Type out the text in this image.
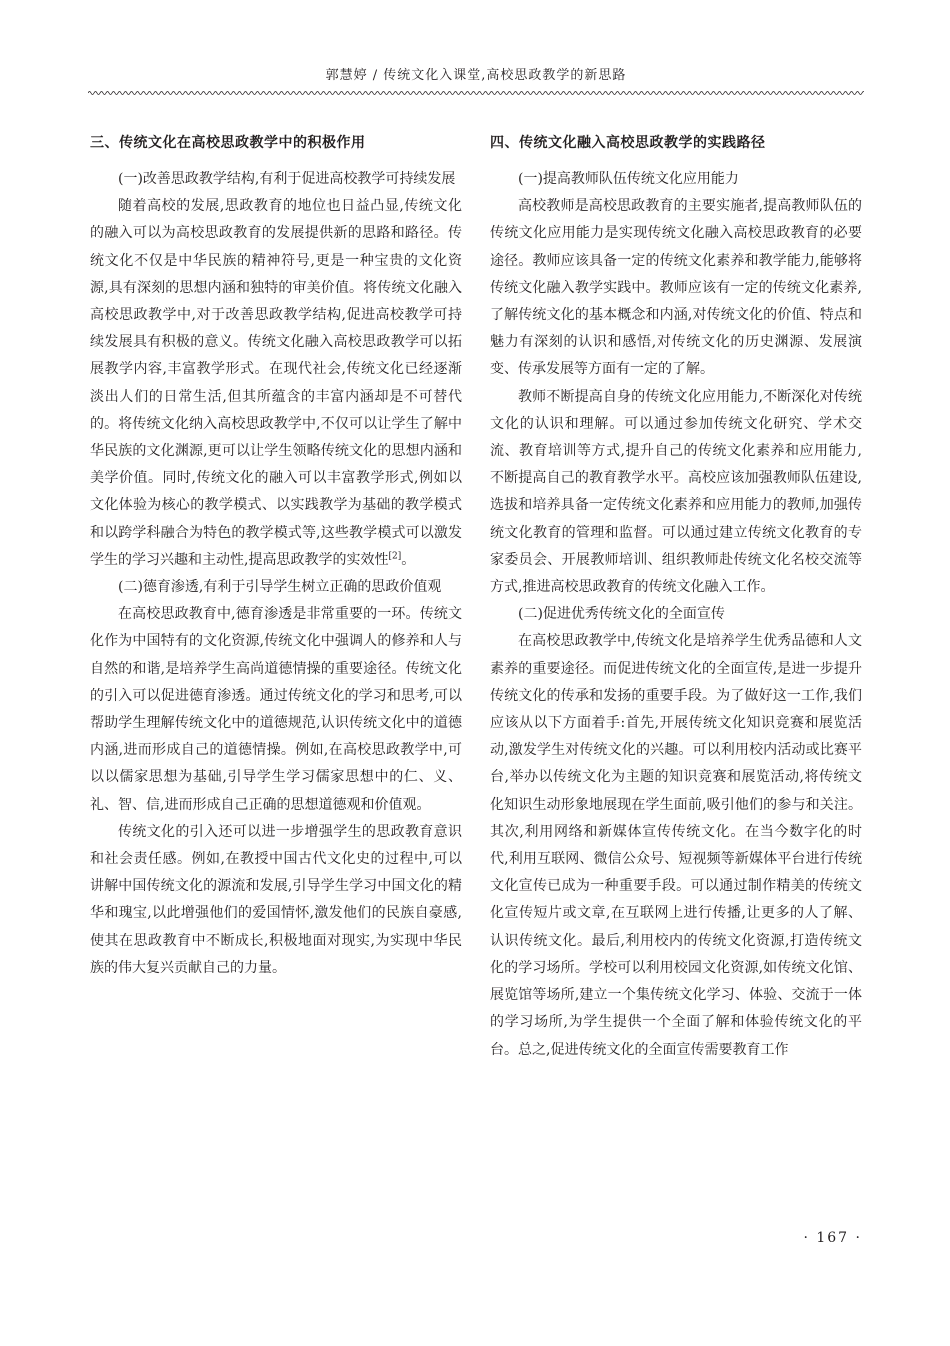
郭慧婷 / 传统文化入课堂,高校思政教学的新思路
三、传统文化在高校思政教学中的积极作用

(一)改善思政教学结构,有利于促进高校教学可持续发展

随着高校的发展,思政教育的地位也日益凸显,传统文化的融入可以为高校思政教育的发展提供新的思路和路径。传统文化不仅是中华民族的精神符号,更是一种宝贵的文化资源,具有深刻的思想内涵和独特的审美价值。将传统文化融入高校思政教学中,对于改善思政教学结构,促进高校教学可持续发展具有积极的意义。传统文化融入高校思政教学可以拓展教学内容,丰富教学形式。在现代社会,传统文化已经逐渐淡出人们的日常生活,但其所蕴含的丰富内涵却是不可替代的。将传统文化纳入高校思政教学中,不仅可以让学生了解中华民族的文化渊源,更可以让学生领略传统文化的思想内涵和美学价值。同时,传统文化的融入可以丰富教学形式,例如以文化体验为核心的教学模式、以实践教学为基础的教学模式和以跨学科融合为特色的教学模式等,这些教学模式可以激发学生的学习兴趣和主动性,提高思政教学的实效性[2]。

(二)德育渗透,有利于引导学生树立正确的思政价值观

在高校思政教育中,德育渗透是非常重要的一环。传统文化作为中国特有的文化资源,传统文化中强调人的修养和人与自然的和谐,是培养学生高尚道德情操的重要途径。传统文化的引入可以促进德育渗透。通过传统文化的学习和思考,可以帮助学生理解传统文化中的道德规范,认识传统文化中的道德内涵,进而形成自己的道德情操。例如,在高校思政教学中,可以以儒家思想为基础,引导学生学习儒家思想中的仁、义、礼、智、信,进而形成自己正确的思想道德观和价值观。

传统文化的引入还可以进一步增强学生的思政教育意识和社会责任感。例如,在教授中国古代文化史的过程中,可以讲解中国传统文化的源流和发展,引导学生学习中国文化的精华和瑰宝,以此增强他们的爱国情怀,激发他们的民族自豪感,使其在思政教育中不断成长,积极地面对现实,为实现中华民族的伟大复兴贡献自己的力量。

四、传统文化融入高校思政教学的实践路径

(一)提高教师队伍传统文化应用能力

高校教师是高校思政教育的主要实施者,提高教师队伍的传统文化应用能力是实现传统文化融入高校思政教育的必要途径。教师应该具备一定的传统文化素养和教学能力,能够将传统文化融入教学实践中。教师应该有一定的传统文化素养,了解传统文化的基本概念和内涵,对传统文化的价值、特点和魅力有深刻的认识和感悟,对传统文化的历史渊源、发展演变、传承发展等方面有一定的了解。

教师不断提高自身的传统文化应用能力,不断深化对传统文化的认识和理解。可以通过参加传统文化研究、学术交流、教育培训等方式,提升自己的传统文化素养和应用能力,不断提高自己的教育教学水平。高校应该加强教师队伍建设,选拔和培养具备一定传统文化素养和应用能力的教师,加强传统文化教育的管理和监督。可以通过建立传统文化教育的专家委员会、开展教师培训、组织教师赴传统文化名校交流等方式,推进高校思政教育的传统文化融入工作。

(二)促进优秀传统文化的全面宣传

在高校思政教学中,传统文化是培养学生优秀品德和人文素养的重要途径。而促进传统文化的全面宣传,是进一步提升传统文化的传承和发扬的重要手段。为了做好这一工作,我们应该从以下方面着手:首先,开展传统文化知识竞赛和展览活动,激发学生对传统文化的兴趣。可以利用校内活动或比赛平台,举办以传统文化为主题的知识竞赛和展览活动,将传统文化知识生动形象地展现在学生面前,吸引他们的参与和关注。其次,利用网络和新媒体宣传传统文化。在当今数字化的时代,利用互联网、微信公众号、短视频等新媒体平台进行传统文化宣传已成为一种重要手段。可以通过制作精美的传统文化宣传短片或文章,在互联网上进行传播,让更多的人了解、认识传统文化。最后,利用校内的传统文化资源,打造传统文化的学习场所。学校可以利用校园文化资源,如传统文化馆、展览馆等场所,建立一个集传统文化学习、体验、交流于一体的学习场所,为学生提供一个全面了解和体验传统文化的平台。总之,促进传统文化的全面宣传需要教育工作

· 167 ·
